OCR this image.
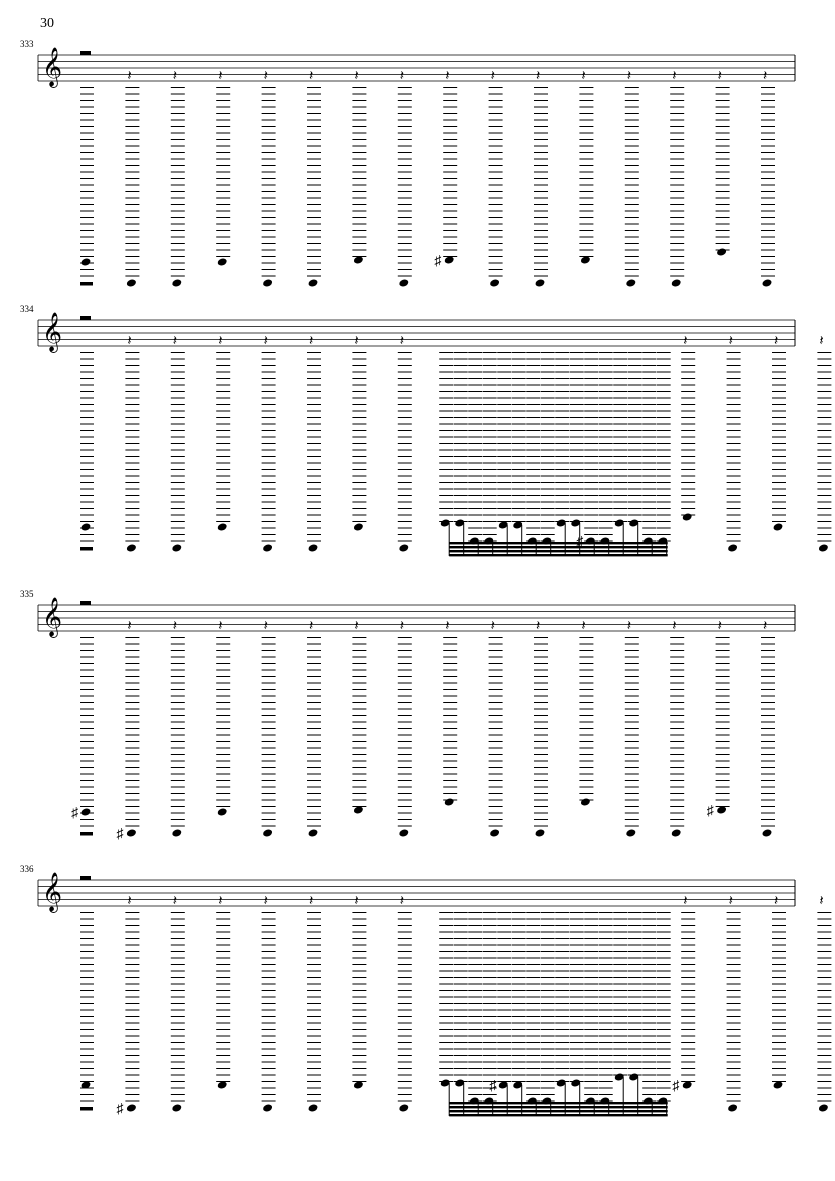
30
333
𝄞	𝄽	𝄽	𝄽	𝄽	𝄽	𝄽	𝄽	𝄽
♯
𝄽	𝄽	𝄽	𝄽	𝄽	𝄽	𝄽
334
𝄞	𝄽	𝄽	𝄽	𝄽	𝄽	𝄽	𝄽	𝄽	𝄽	𝄽	𝄽
335
𝄞
♯
𝄽
♯
𝄽	𝄽	𝄽	𝄽	𝄽	𝄽	𝄽	𝄽	𝄽	𝄽	𝄽	𝄽	𝄽
♯
𝄽
336
𝄞	𝄽
♯
𝄽	𝄽	𝄽	𝄽	𝄽	𝄽
♯
𝄽
♯
𝄽	𝄽	𝄽
